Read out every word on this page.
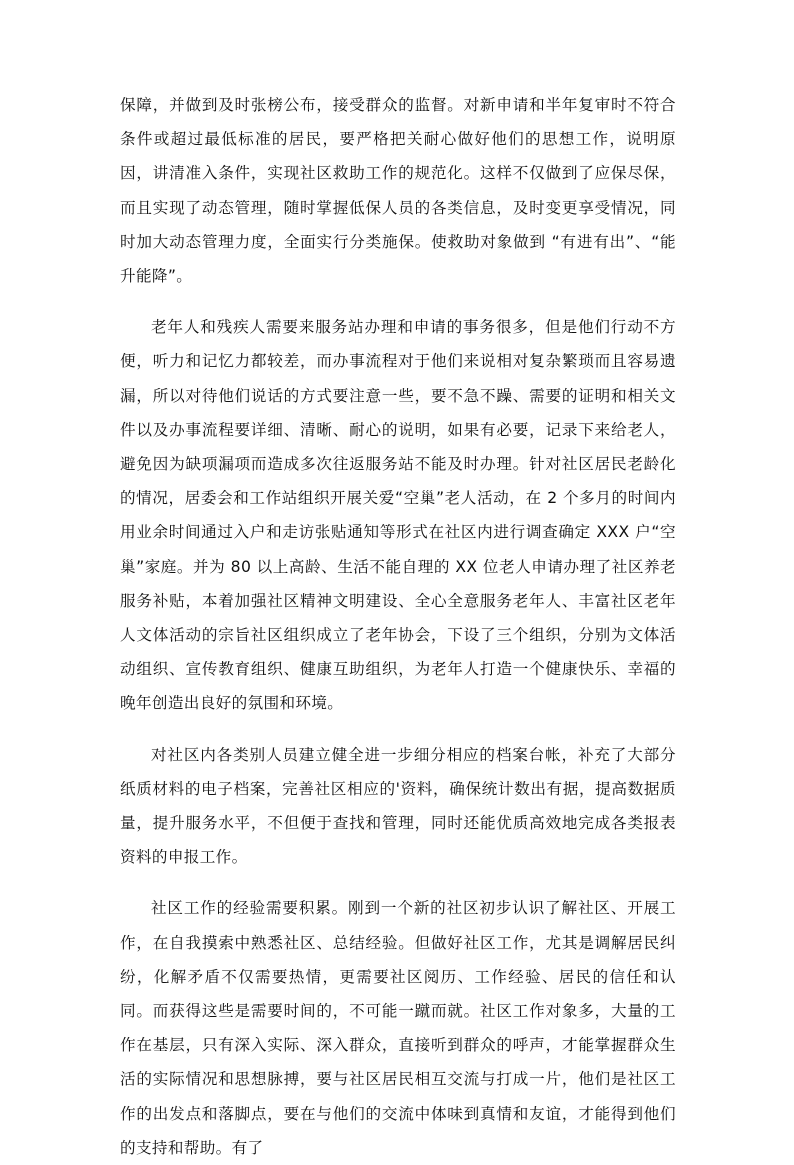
保障，并做到及时张榜公布，接受群众的监督。对新申请和半年复审时不符合条件或超过最低标准的居民，要严格把关耐心做好他们的思想工作，说明原因，讲清准入条件，实现社区救助工作的规范化。这样不仅做到了应保尽保，而且实现了动态管理，随时掌握低保人员的各类信息，及时变更享受情况，同时加大动态管理力度，全面实行分类施保。使救助对象做到 “有进有出”、“能升能降”。

老年人和残疾人需要来服务站办理和申请的事务很多，但是他们行动不方便，听力和记忆力都较差，而办事流程对于他们来说相对复杂繁琐而且容易遗漏，所以对待他们说话的方式要注意一些，要不急不躁、需要的证明和相关文件以及办事流程要详细、清晰、耐心的说明，如果有必要，记录下来给老人，避免因为缺项漏项而造成多次往返服务站不能及时办理。针对社区居民老龄化的情况，居委会和工作站组织开展关爱“空巢”老人活动，在 2 个多月的时间内用业余时间通过入户和走访张贴通知等形式在社区内进行调查确定 XXX 户“空巢”家庭。并为 80 以上高龄、生活不能自理的 XX 位老人申请办理了社区养老服务补贴，本着加强社区精神文明建设、全心全意服务老年人、丰富社区老年人文体活动的宗旨社区组织成立了老年协会，下设了三个组织，分别为文体活动组织、宣传教育组织、健康互助组织，为老年人打造一个健康快乐、幸福的晚年创造出良好的氛围和环境。

对社区内各类别人员建立健全进一步细分相应的档案台帐，补充了大部分纸质材料的电子档案，完善社区相应的'资料，确保统计数出有据，提高数据质量，提升服务水平，不但便于查找和管理，同时还能优质高效地完成各类报表资料的申报工作。

社区工作的经验需要积累。刚到一个新的社区初步认识了解社区、开展工作，在自我摸索中熟悉社区、总结经验。但做好社区工作，尤其是调解居民纠纷，化解矛盾不仅需要热情，更需要社区阅历、工作经验、居民的信任和认同。而获得这些是需要时间的，不可能一蹴而就。社区工作对象多，大量的工作在基层，只有深入实际、深入群众，直接听到群众的呼声，才能掌握群众生活的实际情况和思想脉搏，要与社区居民相互交流与打成一片，他们是社区工作的出发点和落脚点，要在与他们的交流中体味到真情和友谊，才能得到他们的支持和帮助。有了
